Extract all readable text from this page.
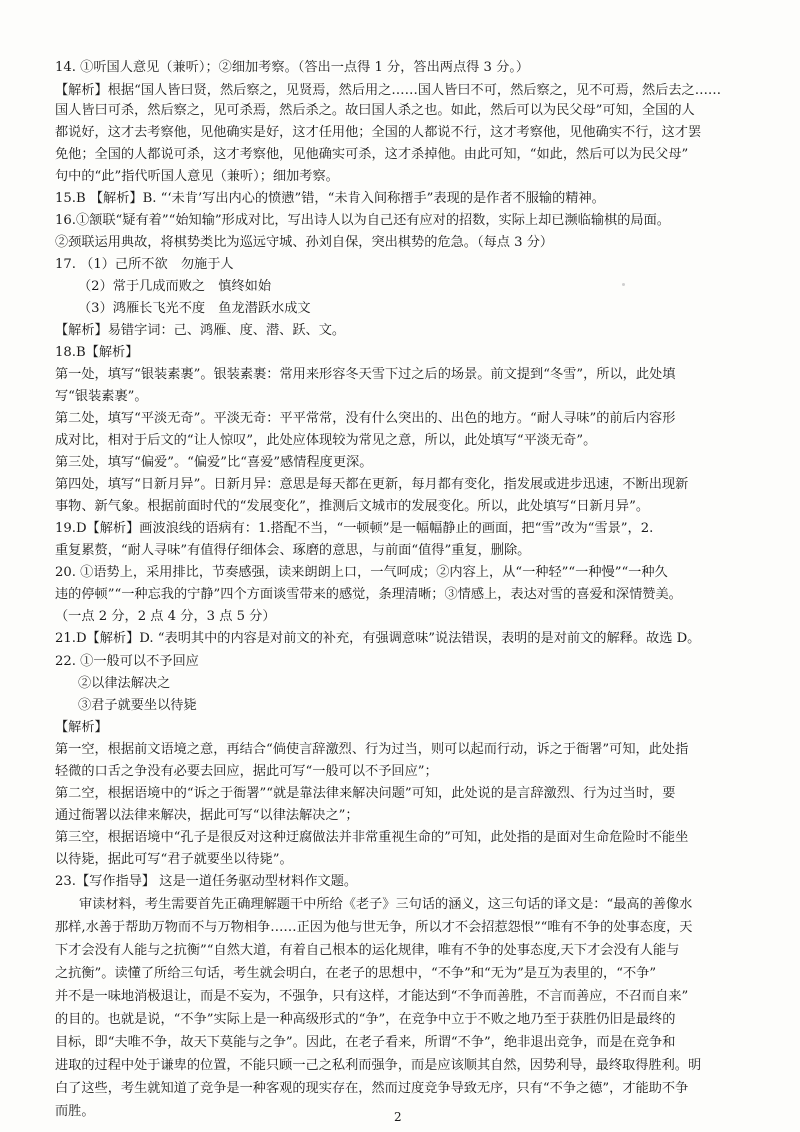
14. ①听国人意见（兼听）；②细加考察。（答出一点得 1 分，答出两点得 3 分。）
【解析】根据“国人皆曰贤，然后察之，见贤焉，然后用之……国人皆曰不可，然后察之，见不可焉，然后去之……
国人皆曰可杀，然后察之，见可杀焉，然后杀之。故曰国人杀之也。如此，然后可以为民父母”可知，全国的人
都说好，这才去考察他，见他确实是好，这才任用他；全国的人都说不行，这才考察他，见他确实不行，这才罢
免他；全国的人都说可杀，这才考察他，见他确实可杀，这才杀掉他。由此可知，“如此，然后可以为民父母”
句中的“此”指代听国人意见（兼听）；细加考察。
15.B 【解析】B. “‘未肯’写出内心的愤懑”错，“未肯入间称搢手”表现的是作者不服输的精神。
16.①颔联“疑有着”“始知输”形成对比，写出诗人以为自己还有应对的招数，实际上却已濒临输棋的局面。
②颈联运用典故，将棋势类比为巡远守城、孙刘自保，突出棋势的危急。（每点 3 分）
17. （1）己所不欲　勿施于人
（2）常于几成而败之　慎终如始
（3）鸿雁长飞光不度　鱼龙潜跃水成文
【解析】易错字词：己、鸿雁、度、潜、跃、文。
18.B【解析】
第一处，填写“银装素裹”。银装素裹：常用来形容冬天雪下过之后的场景。前文提到“冬雪”，所以，此处填
写“银装素裹”。
第二处，填写“平淡无奇”。平淡无奇：平平常常，没有什么突出的、出色的地方。“耐人寻味”的前后内容形
成对比，相对于后文的“让人惊叹”，此处应体现较为常见之意，所以，此处填写“平淡无奇”。
第三处，填写“偏爱”。“偏爱”比“喜爱”感情程度更深。
第四处，填写“日新月异”。日新月异：意思是每天都在更新，每月都有变化，指发展或进步迅速，不断出现新
事物、新气象。根据前面时代的“发展变化”，推测后文城市的发展变化。所以，此处填写“日新月异”。
19.D【解析】画波浪线的语病有：1.搭配不当，“一顿顿”是一幅幅静止的画面，把“雪”改为“雪景”，2.
重复累赘，“耐人寻味”有值得仔细体会、琢磨的意思，与前面“值得”重复，删除。
20. ①语势上，采用排比，节奏感强，读来朗朗上口，一气呵成；②内容上，从“一种轻”“一种慢”“一种久
违的停顿”“一种忘我的宁静”四个方面谈雪带来的感觉，条理清晰；③情感上，表达对雪的喜爱和深情赞美。
（一点 2 分，2 点 4 分，3 点 5 分）
21.D【解析】D. “表明其中的内容是对前文的补充，有强调意味”说法错误，表明的是对前文的解释。故选 D。
22. ①一般可以不予回应
②以律法解决之
③君子就要坐以待毙
【解析】
第一空，根据前文语境之意，再结合“倘使言辞激烈、行为过当，则可以起而行动，诉之于衙署”可知，此处指
轻微的口舌之争没有必要去回应，据此可写“一般可以不予回应”；
第二空，根据语境中的“诉之于衙署”“就是靠法律来解决问题”可知，此处说的是言辞激烈、行为过当时，要
通过衙署以法律来解决，据此可写“以律法解决之”；
第三空，根据语境中“孔子是很反对这种迂腐做法并非常重视生命的”可知，此处指的是面对生命危险时不能坐
以待毙，据此可写“君子就要坐以待毙”。
23.【写作指导】 这是一道任务驱动型材料作文题。
审读材料，考生需要首先正确理解题干中所给《老子》三句话的涵义，这三句话的译文是：“最高的善像水
那样,水善于帮助万物而不与万物相争……正因为他与世无争，所以才不会招惹怨恨”“唯有不争的处事态度，天
下才会没有人能与之抗衡”“自然大道，有着自己根本的运化规律，唯有不争的处事态度,天下才会没有人能与
之抗衡”。读懂了所给三句话，考生就会明白，在老子的思想中，“不争”和“无为”是互为表里的，“不争”
并不是一味地消极退让，而是不妄为，不强争，只有这样，才能达到“不争而善胜，不言而善应，不召而自来”
的目的。也就是说，“不争”实际上是一种高级形式的“争”，在竞争中立于不败之地乃至于获胜仍旧是最终的
目标，即“夫唯不争，故天下莫能与之争”。因此，在老子看来，所谓“不争”，绝非退出竞争，而是在竞争和
进取的过程中处于谦卑的位置，不能只顾一己之私利而强争，而是应该顺其自然，因势利导，最终取得胜利。明
白了这些，考生就知道了竞争是一种客观的现实存在，然而过度竞争导致无序，只有“不争之德”，才能助不争
而胜。	2
